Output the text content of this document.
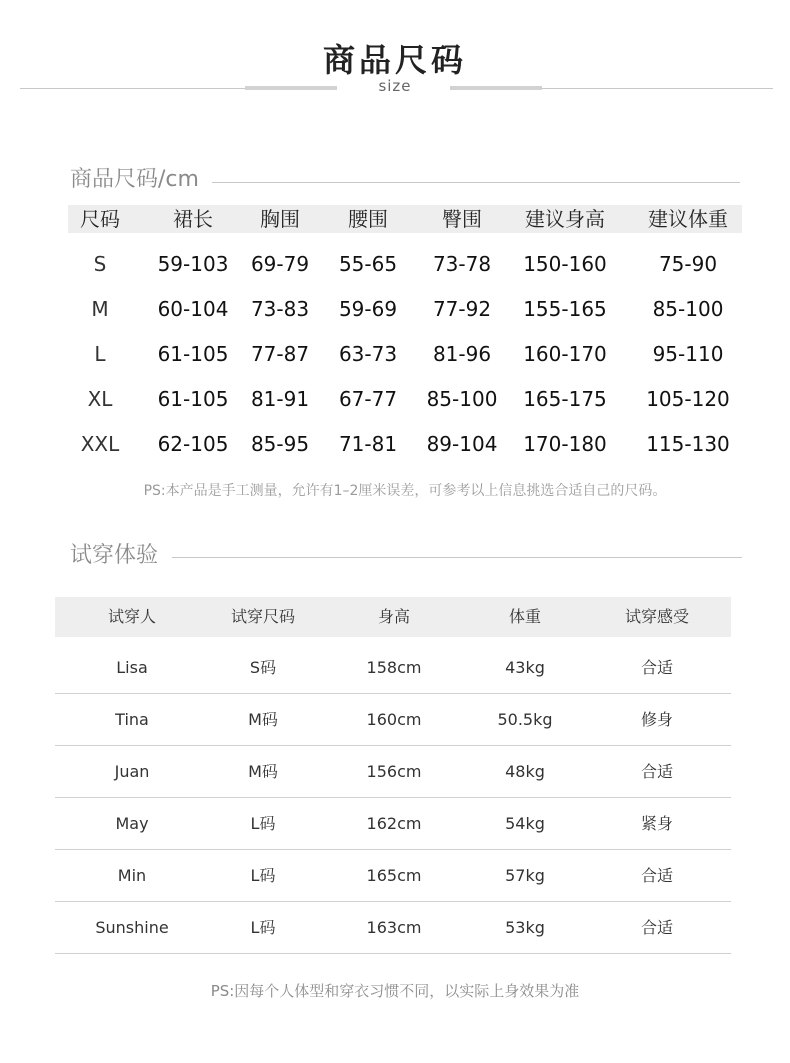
商品尺码
size
商品尺码/cm
尺码	裙长 胸围 腰围	臀围 建议身高 建议体重
S	59-103 69-79 55-65 73-78 150-160	75-90
M 60-104 73-83 59-69 77-92 155-165 85-100
L	61-105 77-87 63-73 81-96 160-170 95-110
XL 61-105 81-91 67-77 85-100 165-175 105-120
XXL 62-105 85-95 71-81 89-104 170-180 115-130
PS:本产品是手工测量，允许有1–2厘米误差，可参考以上信息挑选合适自己的尺码。
试穿体验
试穿人	试穿尺码	身高	体重	试穿感受
Lisa	S码	158cm	43kg	合适
Tina	M码	160cm	50.5kg	修身
Juan	M码	156cm	48kg	合适
May	L码	162cm	54kg	紧身
Min	L码	165cm	57kg	合适
Sunshine	L码	163cm	53kg	合适
PS:因每个人体型和穿衣习惯不同，以实际上身效果为准
